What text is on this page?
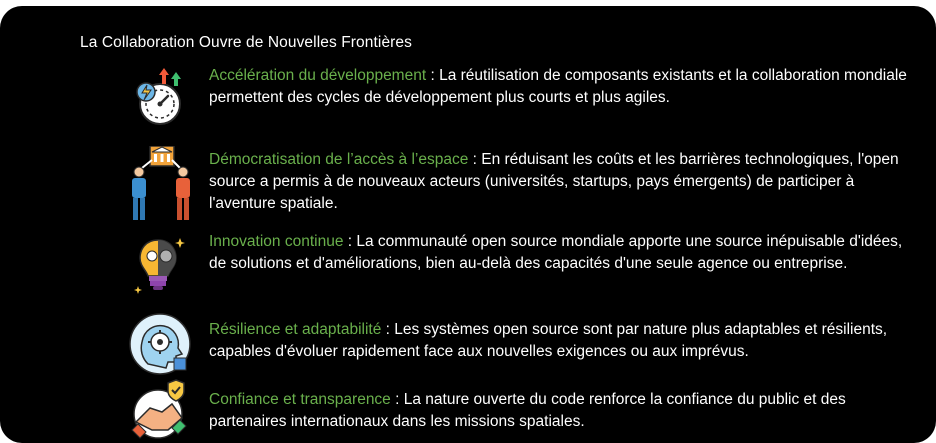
La Collaboration Ouvre de Nouvelles Frontières
Accélération du développement : La réutilisation de composants existants et la collaboration mondiale permettent des cycles de développement plus courts et plus agiles.
Démocratisation de l’accès à l’espace : En réduisant les coûts et les barrières technologiques, l'open source a permis à de nouveaux acteurs (universités, startups, pays émergents) de participer à l'aventure spatiale.
Innovation continue : La communauté open source mondiale apporte une source inépuisable d'idées, de solutions et d'améliorations, bien au-delà des capacités d'une seule agence ou entreprise.
Résilience et adaptabilité : Les systèmes open source sont par nature plus adaptables et résilients, capables d'évoluer rapidement face aux nouvelles exigences ou aux imprévus.
Confiance et transparence : La nature ouverte du code renforce la confiance du public et des partenaires internationaux dans les missions spatiales.
